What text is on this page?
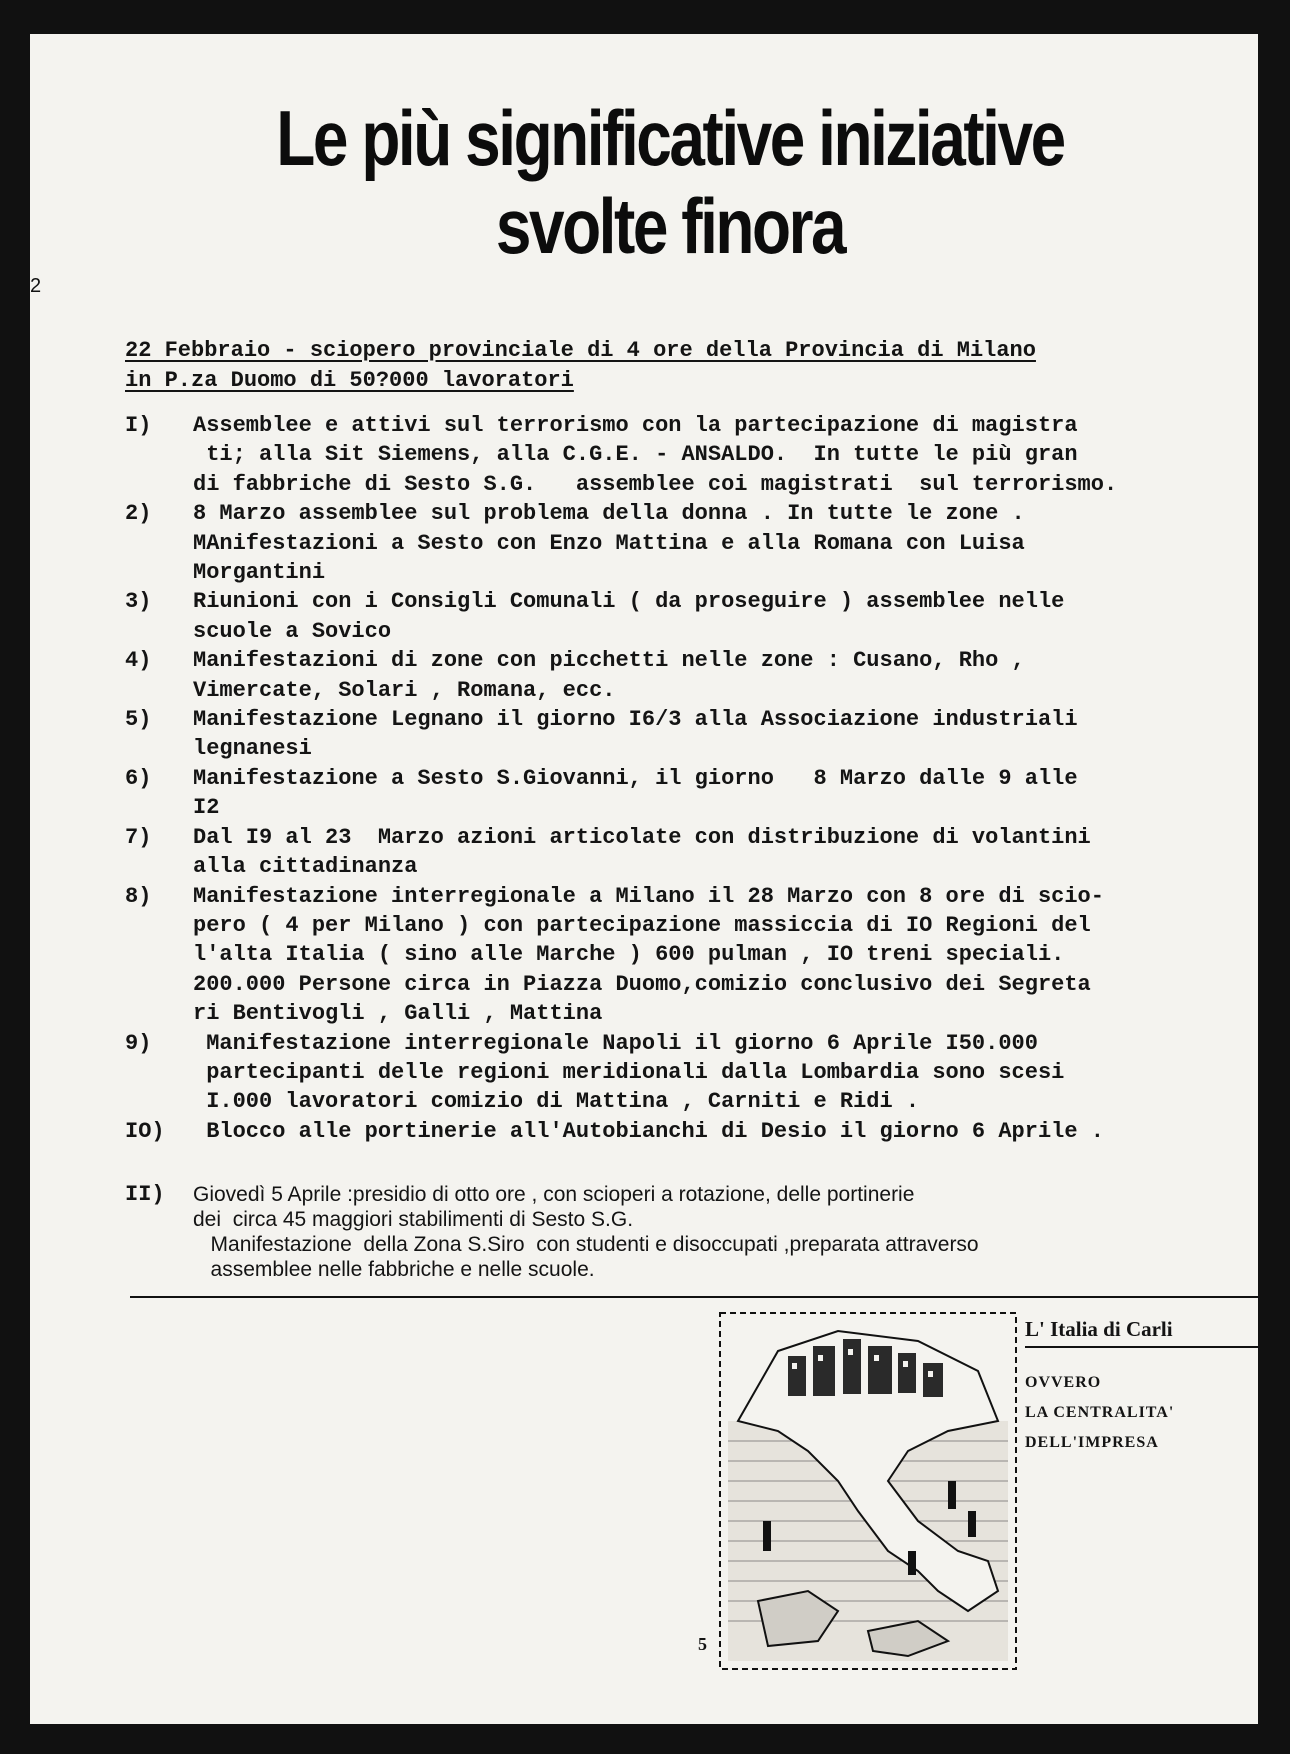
2
Le più significative iniziative
svolte finora
22 Febbraio - sciopero provinciale di 4 ore della Provincia di Milano
in P.za Duomo di 50?000 lavoratori
I)	Assemblee e attivi sul terrorismo con la partecipazione di magistra
ti; alla Sit Siemens, alla C.G.E. - ANSALDO.  In tutte le più gran
di fabbriche di Sesto S.G.   assemblee coi magistrati  sul terrorismo.
2)	8 Marzo assemblee sul problema della donna . In tutte le zone .
MAnifestazioni a Sesto con Enzo Mattina e alla Romana con Luisa
Morgantini
3)	Riunioni con i Consigli Comunali ( da proseguire ) assemblee nelle
scuole a Sovico
4)	Manifestazioni di zone con picchetti nelle zone : Cusano, Rho ,
Vimercate, Solari , Romana, ecc.
5)	Manifestazione Legnano il giorno I6/3 alla Associazione industriali
legnanesi
6)	Manifestazione a Sesto S.Giovanni, il giorno   8 Marzo dalle 9 alle
I2
7)	Dal I9 al 23  Marzo azioni articolate con distribuzione di volantini
alla cittadinanza
8)	Manifestazione interregionale a Milano il 28 Marzo con 8 ore di scio-
pero ( 4 per Milano ) con partecipazione massiccia di IO Regioni del
l'alta Italia ( sino alle Marche ) 600 pulman , IO treni speciali.
200.000 Persone circa in Piazza Duomo,comizio conclusivo dei Segreta
ri Bentivogli , Galli , Mattina
9)	Manifestazione interregionale Napoli il giorno 6 Aprile I50.000
partecipanti delle regioni meridionali dalla Lombardia sono scesi
I.000 lavoratori comizio di Mattina , Carniti e Ridi .
IO)	Blocco alle portinerie all'Autobianchi di Desio il giorno 6 Aprile .
II)	Giovedì 5 Aprile :presidio di otto ore , con scioperi a rotazione, delle portinerie
dei  circa 45 maggiori stabilimenti di Sesto S.G.
Manifestazione  della Zona S.Siro  con studenti e disoccupati ,preparata attraverso
assemblee nelle fabbriche e nelle scuole.
L' Italia di Carli
OVVERO
LA CENTRALITA'
DELL'IMPRESA
5
